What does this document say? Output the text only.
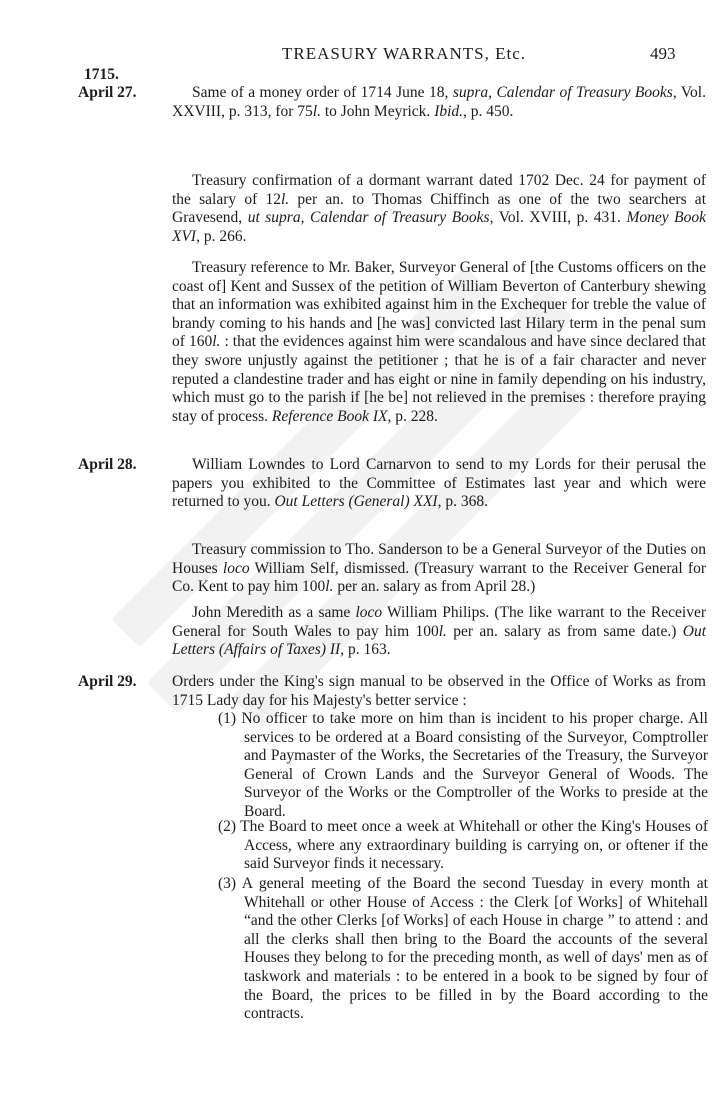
TREASURY WARRANTS, Etc.	493
1715.
April 27.	Same of a money order of 1714 June 18, supra, Calendar of Treasury Books, Vol. XXVIII, p. 313, for 75l. to John Meyrick. Ibid., p. 450.
Treasury confirmation of a dormant warrant dated 1702 Dec. 24 for payment of the salary of 12l. per an. to Thomas Chiffinch as one of the two searchers at Gravesend, ut supra, Calendar of Treasury Books, Vol. XVIII, p. 431. Money Book XVI, p. 266.
Treasury reference to Mr. Baker, Surveyor General of [the Customs officers on the coast of] Kent and Sussex of the petition of William Beverton of Canterbury shewing that an information was exhibited against him in the Exchequer for treble the value of brandy coming to his hands and [he was] convicted last Hilary term in the penal sum of 160l. : that the evidences against him were scandalous and have since declared that they swore unjustly against the petitioner ; that he is of a fair character and never reputed a clandestine trader and has eight or nine in family depending on his industry, which must go to the parish if [he be] not relieved in the premises : therefore praying stay of process. Reference Book IX, p. 228.
April 28.	William Lowndes to Lord Carnarvon to send to my Lords for their perusal the papers you exhibited to the Committee of Estimates last year and which were returned to you. Out Letters (General) XXI, p. 368.
Treasury commission to Tho. Sanderson to be a General Surveyor of the Duties on Houses loco William Self, dismissed. (Treasury warrant to the Receiver General for Co. Kent to pay him 100l. per an. salary as from April 28.)
John Meredith as a same loco William Philips. (The like warrant to the Receiver General for South Wales to pay him 100l. per an. salary as from same date.) Out Letters (Affairs of Taxes) II, p. 163.
April 29. Orders under the King's sign manual to be observed in the Office of Works as from 1715 Lady day for his Majesty's better service :
(1) No officer to take more on him than is incident to his proper charge. All services to be ordered at a Board consisting of the Surveyor, Comptroller and Paymaster of the Works, the Secretaries of the Treasury, the Surveyor General of Crown Lands and the Surveyor General of Woods. The Surveyor of the Works or the Comptroller of the Works to preside at the Board.
(2) The Board to meet once a week at Whitehall or other the King's Houses of Access, where any extraordinary building is carrying on, or oftener if the said Surveyor finds it necessary.
(3) A general meeting of the Board the second Tuesday in every month at Whitehall or other House of Access : the Clerk [of Works] of Whitehall “and the other Clerks [of Works] of each House in charge ” to attend : and all the clerks shall then bring to the Board the accounts of the several Houses they belong to for the preceding month, as well of days' men as of taskwork and materials : to be entered in a book to be signed by four of the Board, the prices to be filled in by the Board according to the contracts.
